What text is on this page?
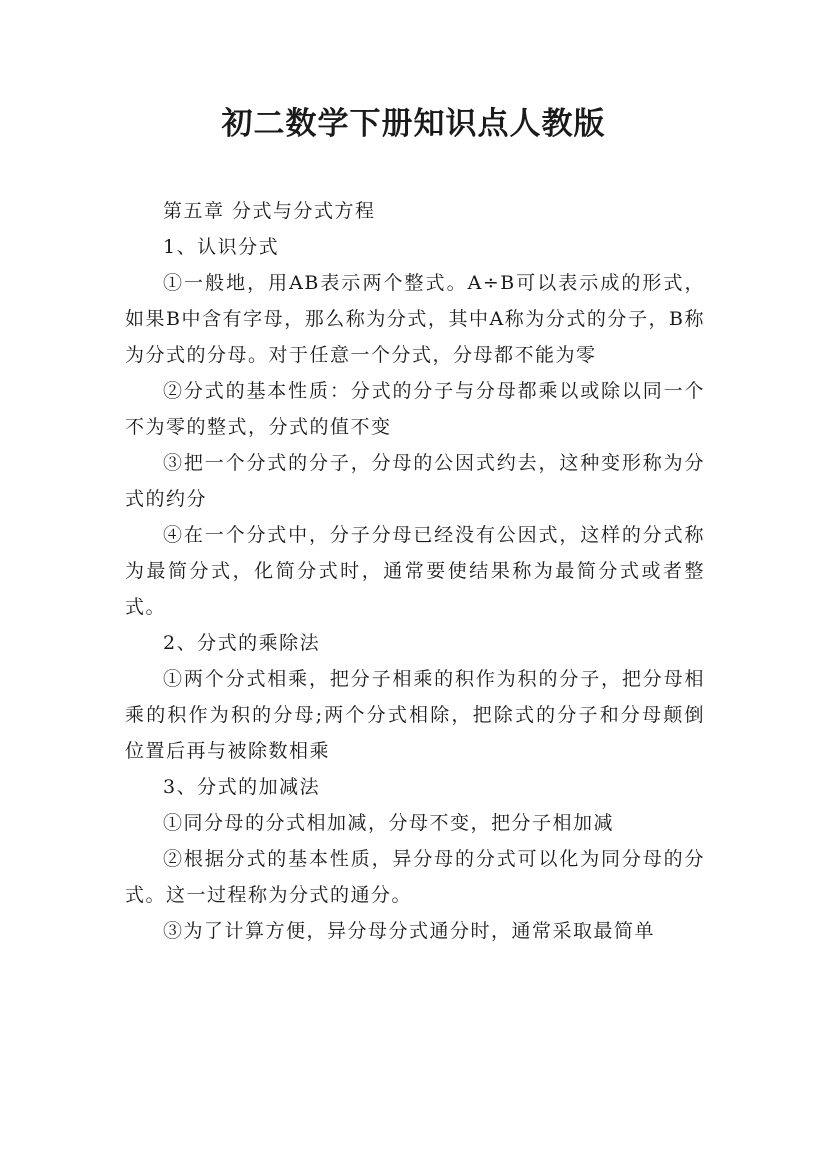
初二数学下册知识点人教版

第五章 分式与分式方程

1、认识分式

①一般地，用AB表示两个整式。A÷B可以表示成的形式，如果B中含有字母，那么称为分式，其中A称为分式的分子，B称为分式的分母。对于任意一个分式，分母都不能为零

②分式的基本性质：分式的分子与分母都乘以或除以同一个不为零的整式，分式的值不变

③把一个分式的分子，分母的公因式约去，这种变形称为分式的约分

④在一个分式中，分子分母已经没有公因式，这样的分式称为最简分式，化简分式时，通常要使结果称为最简分式或者整式。

2、分式的乘除法

①两个分式相乘，把分子相乘的积作为积的分子，把分母相乘的积作为积的分母;两个分式相除，把除式的分子和分母颠倒位置后再与被除数相乘

3、分式的加减法

①同分母的分式相加减，分母不变，把分子相加减

②根据分式的基本性质，异分母的分式可以化为同分母的分式。这一过程称为分式的通分。

③为了计算方便，异分母分式通分时，通常采取最简单
